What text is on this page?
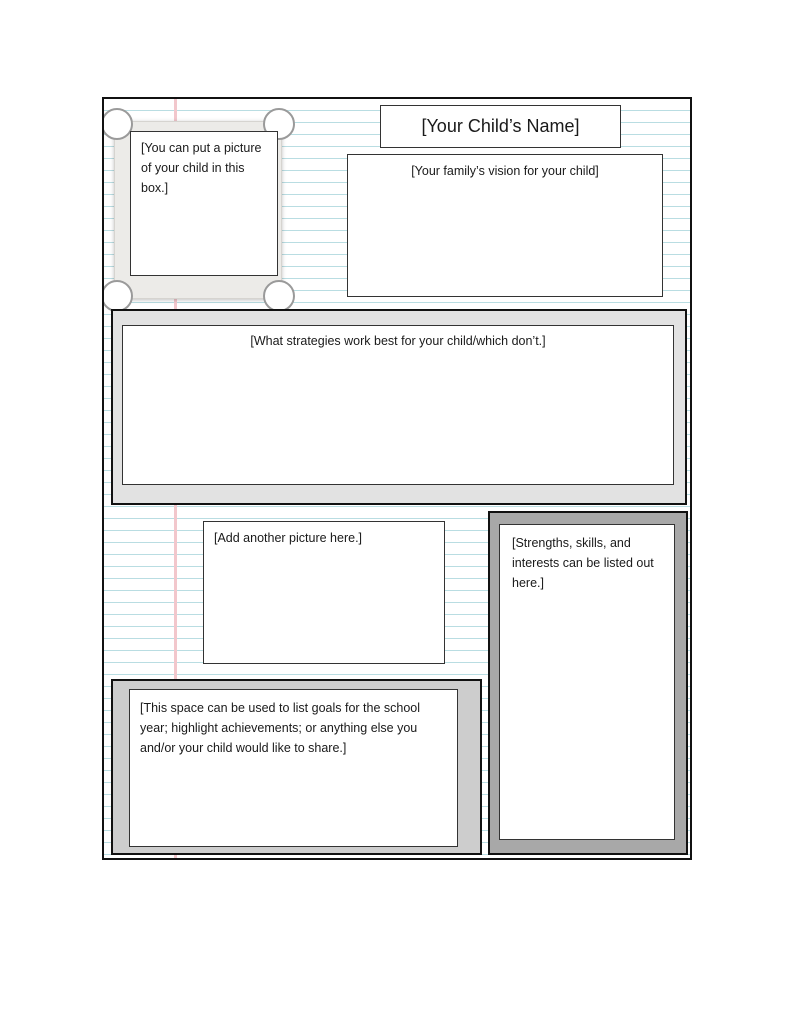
[You can put a picture of your child in this box.]
[Your Child’s Name]
[Your family’s vision for your child]
[What strategies work best for your child/which don’t.]
[Add another picture here.]	[Strengths, skills, and interests can be listed out here.]
[This space can be used to list goals for the school year; highlight achievements; or anything else you and/or your child would like to share.]
